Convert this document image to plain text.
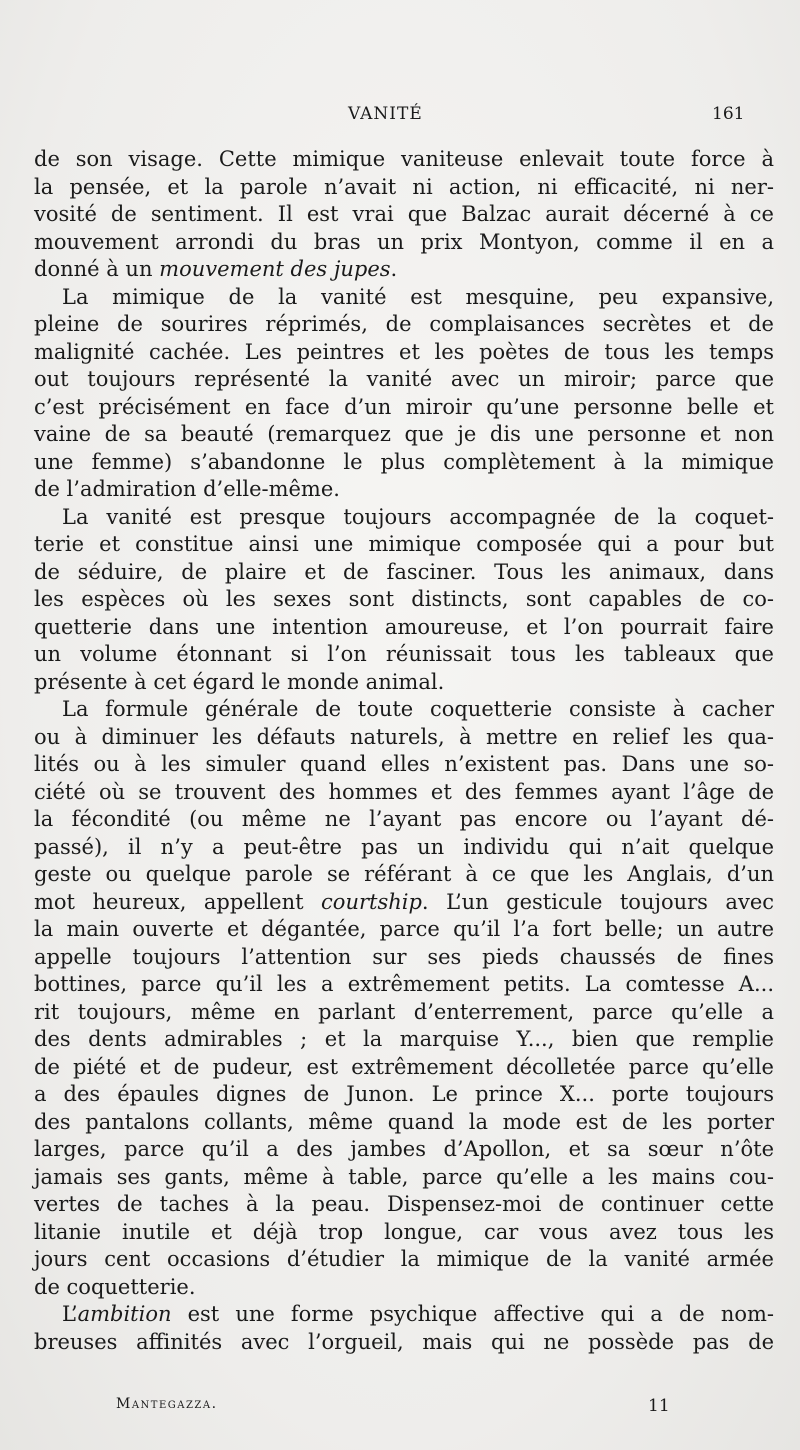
VANITÉ	161
de son visage. Cette mimique vaniteuse enlevait toute force à
la pensée, et la parole n’avait ni action, ni efficacité, ni ner-
vosité de sentiment. Il est vrai que Balzac aurait décerné à ce
mouvement arrondi du bras un prix Montyon, comme il en a
donné à un mouvement des jupes.
La mimique de la vanité est mesquine, peu expansive,
pleine de sourires réprimés, de complaisances secrètes et de
malignité cachée. Les peintres et les poètes de tous les temps
out toujours représenté la vanité avec un miroir; parce que
c’est précisément en face d’un miroir qu’une personne belle et
vaine de sa beauté (remarquez que je dis une personne et non
une femme) s’abandonne le plus complètement à la mimique
de l’admiration d’elle-même.
La vanité est presque toujours accompagnée de la coquet-
terie et constitue ainsi une mimique composée qui a pour but
de séduire, de plaire et de fasciner. Tous les animaux, dans
les espèces où les sexes sont distincts, sont capables de co-
quetterie dans une intention amoureuse, et l’on pourrait faire
un volume étonnant si l’on réunissait tous les tableaux que
présente à cet égard le monde animal.
La formule générale de toute coquetterie consiste à cacher
ou à diminuer les défauts naturels, à mettre en relief les qua-
lités ou à les simuler quand elles n’existent pas. Dans une so-
ciété où se trouvent des hommes et des femmes ayant l’âge de
la fécondité (ou même ne l’ayant pas encore ou l’ayant dé-
passé), il n’y a peut-être pas un individu qui n’ait quelque
geste ou quelque parole se référant à ce que les Anglais, d’un
mot heureux, appellent courtship. L’un gesticule toujours avec
la main ouverte et dégantée, parce qu’il l’a fort belle; un autre
appelle toujours l’attention sur ses pieds chaussés de fines
bottines, parce qu’il les a extrêmement petits. La comtesse A...
rit toujours, même en parlant d’enterrement, parce qu’elle a
des dents admirables ; et la marquise Y..., bien que remplie
de piété et de pudeur, est extrêmement décolletée parce qu’elle
a des épaules dignes de Junon. Le prince X... porte toujours
des pantalons collants, même quand la mode est de les porter
larges, parce qu’il a des jambes d’Apollon, et sa sœur n’ôte
jamais ses gants, même à table, parce qu’elle a les mains cou-
vertes de taches à la peau. Dispensez-moi de continuer cette
litanie inutile et déjà trop longue, car vous avez tous les
jours cent occasions d’étudier la mimique de la vanité armée
de coquetterie.
L’ambition est une forme psychique affective qui a de nom-
breuses affinités avec l’orgueil, mais qui ne possède pas de
Mantegazza.	11
